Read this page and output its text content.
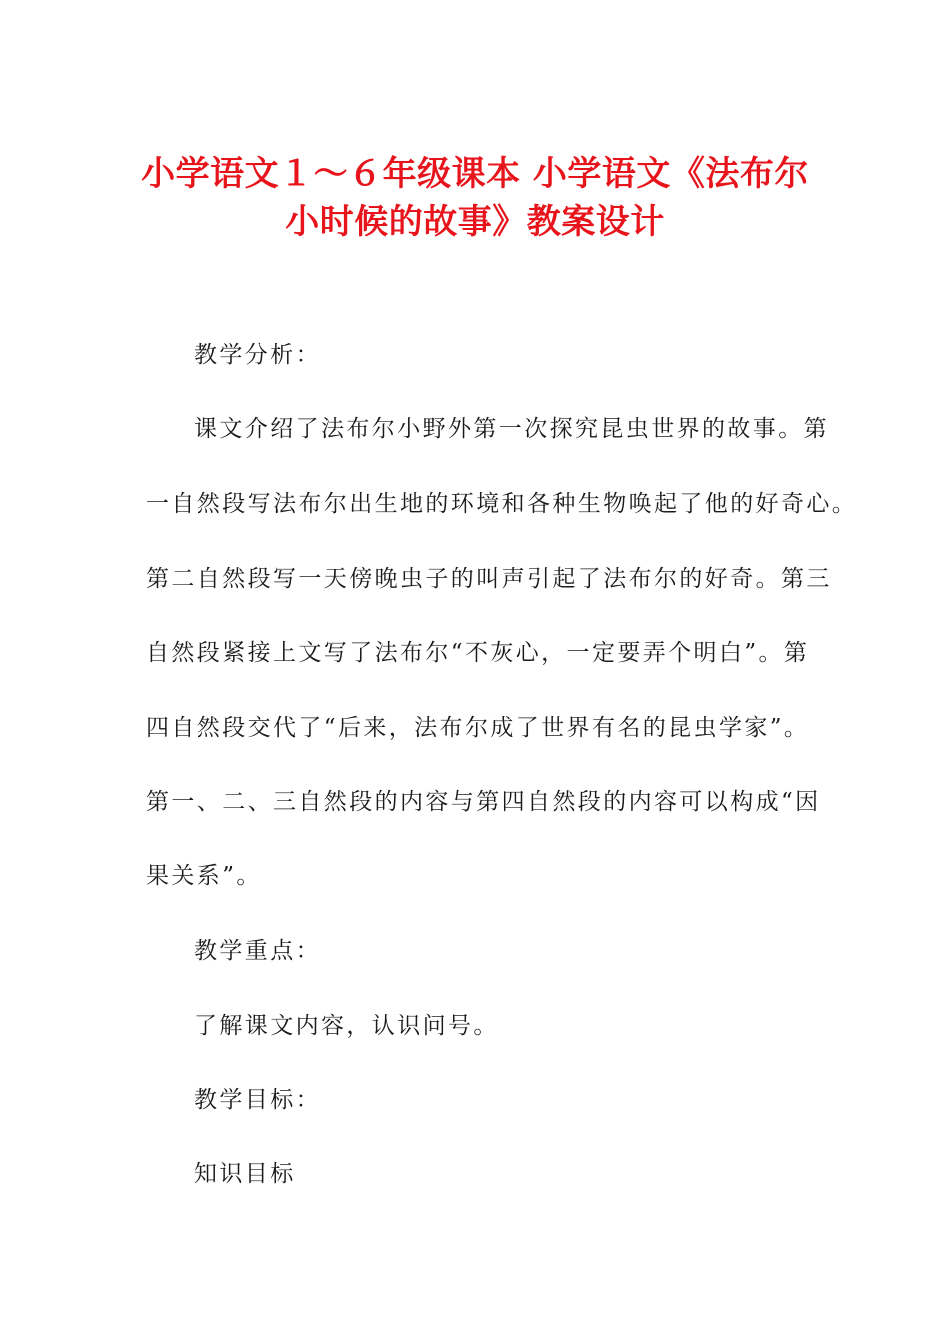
小学语文１～６年级课本 小学语文《法布尔
小时候的故事》教案设计
教学分析：
课文介绍了法布尔小野外第一次探究昆虫世界的故事。第
一自然段写法布尔出生地的环境和各种生物唤起了他的好奇心。
第二自然段写一天傍晚虫子的叫声引起了法布尔的好奇。第三
自然段紧接上文写了法布尔“不灰心，一定要弄个明白”。第
四自然段交代了“后来，法布尔成了世界有名的昆虫学家”。
第一、二、三自然段的内容与第四自然段的内容可以构成“因
果关系”。
教学重点：
了解课文内容，认识问号。
教学目标：
知识目标
